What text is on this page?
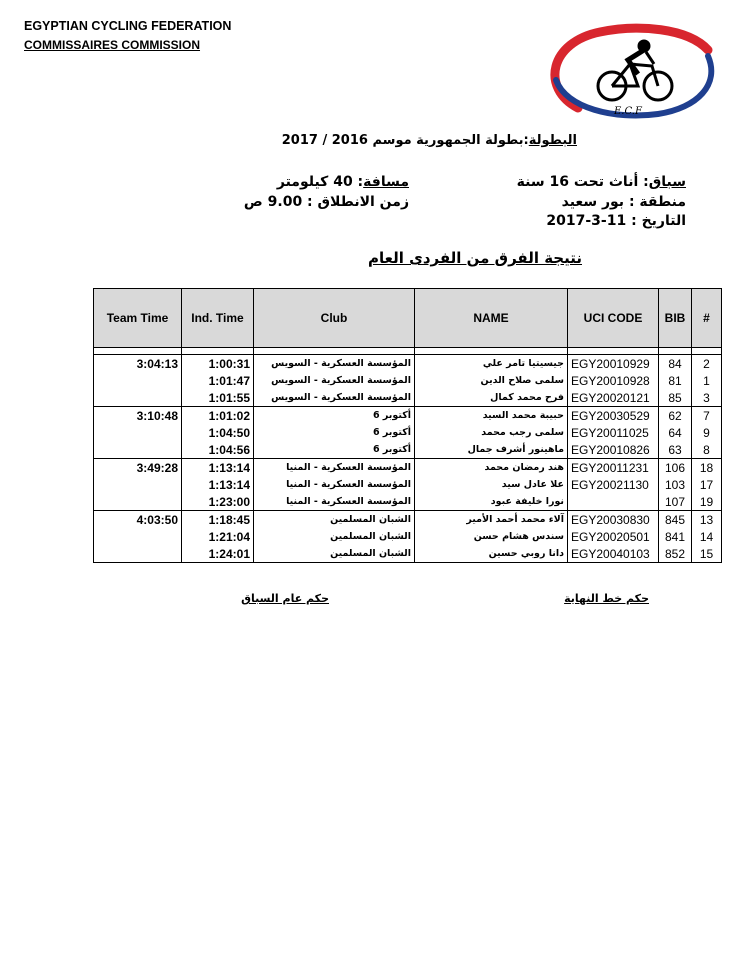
EGYPTIAN CYCLING FEDERATION
COMMISSAIRES COMMISSION
E.C.F
البطولة:بطولة الجمهورية موسم 2016 / 2017
سباق: أناث تحت 16 سنة
منطقة : بور سعيد
التاريخ : 11-3-2017
مسافة: 40 كيلومتر
زمن الانطلاق : 9.00 ص
نتيجة الفرق من الفردى العام
Team Time	Ind. Time	Club	NAME	UCI CODE	BIB	#

3:04:13	1:00:31	المؤسسة العسكرية - السويس	جيسيتيا تامر علي	EGY20010929	84	2
	1:01:47	المؤسسة العسكرية - السويس	سلمى صلاح الدين	EGY20010928	81	1
	1:01:55	المؤسسة العسكرية - السويس	فرح محمد كمال	EGY20020121	85	3
3:10:48	1:01:02	أكتوبر 6	حبيبة محمد السيد	EGY20030529	62	7
	1:04:50	أكتوبر 6	سلمى رجب محمد	EGY20011025	64	9
	1:04:56	أكتوبر 6	ماهينور أشرف جمال	EGY20010826	63	8
3:49:28	1:13:14	المؤسسة العسكرية - المنيا	هند رمضان محمد	EGY20011231	106	18
	1:13:14	المؤسسة العسكرية - المنيا	علا عادل سيد	EGY20021130	103	17
	1:23:00	المؤسسة العسكرية - المنيا	نورا خليفة عبود		107	19
4:03:50	1:18:45	الشبان المسلمين	آلاء محمد أحمد الأمير	EGY20030830	845	13
	1:21:04	الشبان المسلمين	سندس هشام حسن	EGY20020501	841	14
	1:24:01	الشبان المسلمين	دانا روبي حسين	EGY20040103	852	15
حكم خط النهاية
حكم عام السباق
